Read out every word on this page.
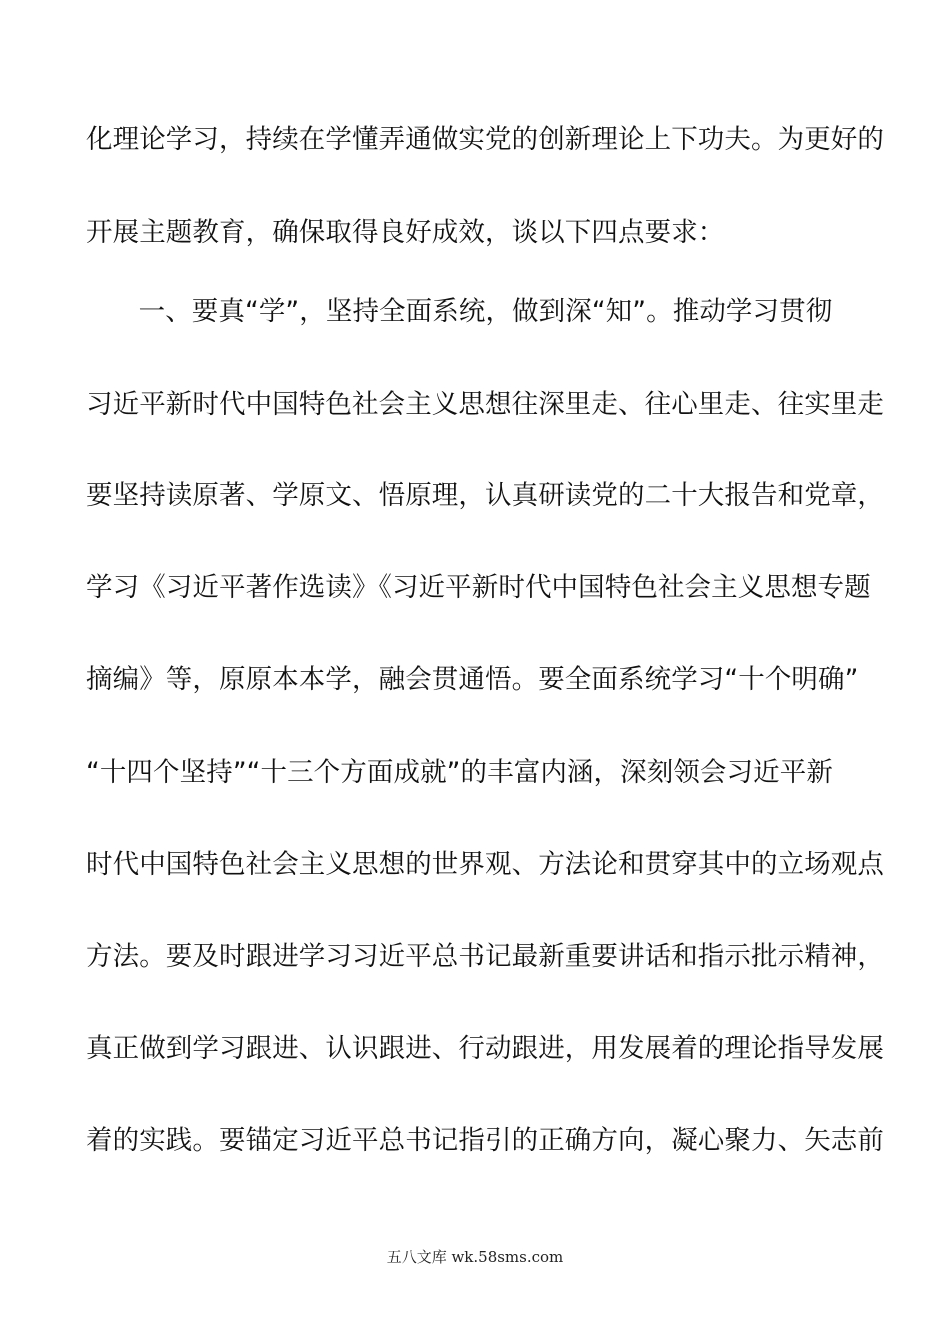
化理论学习，持续在学懂弄通做实党的创新理论上下功夫。为更好的
开展主题教育，确保取得良好成效，谈以下四点要求：
　一、要真“学”，坚持全面系统，做到深“知”。推动学习贯彻
习近平新时代中国特色社会主义思想往深里走、往心里走、往实里走
要坚持读原著、学原文、悟原理，认真研读党的二十大报告和党章，
学习《习近平著作选读》《习近平新时代中国特色社会主义思想专题
摘编》等，原原本本学，融会贯通悟。要全面系统学习“十个明确”
“十四个坚持”“十三个方面成就”的丰富内涵，深刻领会习近平新
时代中国特色社会主义思想的世界观、方法论和贯穿其中的立场观点
方法。要及时跟进学习习近平总书记最新重要讲话和指示批示精神，
真正做到学习跟进、认识跟进、行动跟进，用发展着的理论指导发展
着的实践。要锚定习近平总书记指引的正确方向，凝心聚力、矢志前
五八文库 wk.58sms.com
